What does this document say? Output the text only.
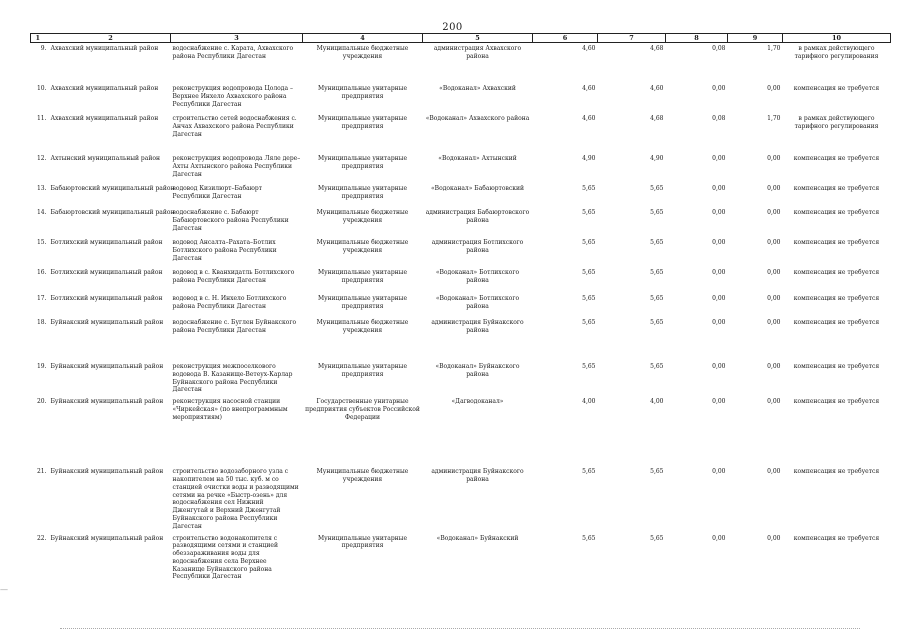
200
1 2	3	4	5	6	7	8	9	10
9. Ахвахский муниципальный район	водоснабжение с. Карата, Ахвахского района Республики Дагестан	Муниципальные бюджетные учреждения	администрация Ахвахского района	4,60	4,68	0,08	1,70	в рамках действующего тарифного регулирования
10. Ахвахский муниципальный район	реконструкция водопровода Цолода – Верхнее Инхело Ахвахского района Республики Дагестан	Муниципальные унитарные предприятия	«Водоканал» Ахвахский	4,60	4,60	0,00	0,00	компенсация не требуется
11. Ахвахский муниципальный район	строительство сетей водоснабжения с. Анчах Ахвахского района Республики Дагестан	Муниципальные унитарные предприятия	«Водоканал» Ахвахского района	4,60	4,68	0,08	1,70	в рамках действующего тарифного регулирования
12. Ахтынский муниципальный район	реконструкция водопровода Ляле дере–Ахты Ахтынского района Республики Дагестан	Муниципальные унитарные предприятия	«Водоканал» Ахтынский	4,90	4,90	0,00	0,00	компенсация не требуется
13. Бабаюртовский муниципальный район	водовод Кизилюрт–Бабаюрт Республики Дагестан	Муниципальные унитарные предприятия	«Водоканал» Бабаюртовский	5,65	5,65	0,00	0,00	компенсация не требуется
14. Бабаюртовский муниципальный район	водоснабжение с. Бабаюрт Бабаюртовского района Республики Дагестан	Муниципальные бюджетные учреждения	администрация Бабаюртовского района	5,65	5,65	0,00	0,00	компенсация не требуется
15. Ботлихский муниципальный район	водовод Ансалта–Рахата–Ботлих Ботлихского района Республики Дагестан	Муниципальные бюджетные учреждения	администрация Ботлихского района	5,65	5,65	0,00	0,00	компенсация не требуется
16. Ботлихский муниципальный район	водовод в с. Кванхидатль Ботлихского района Республики Дагестан	Муниципальные унитарные предприятия	«Водоканал» Ботлихского района	5,65	5,65	0,00	0,00	компенсация не требуется
17. Ботлихский муниципальный район	водовод в с. Н. Инхело Ботлихского района Республики Дагестан	Муниципальные унитарные предприятия	«Водоканал» Ботлихского района	5,65	5,65	0,00	0,00	компенсация не требуется
18. Буйнакский муниципальный район	водоснабжение с. Буглен Буйнакского района Республики Дагестан	Муниципальные бюджетные учреждения	администрация Буйнакского района	5,65	5,65	0,00	0,00	компенсация не требуется
19. Буйнакский муниципальный район	реконструкция межпоселкового водовода В. Казанище-Ветеух-Карлар Буйнакского района Республики Дагестан	Муниципальные унитарные предприятия	«Водоканал» Буйнакского района	5,65	5,65	0,00	0,00	компенсация не требуется
20. Буйнакский муниципальный район	реконструкция насосной станции «Чиркейская» (по внепрограммным мероприятиям)	Государственные унитарные предприятия субъектов Российской Федерации	«Дагводоканал»	4,00	4,00	0,00	0,00	компенсация не требуется
21. Буйнакский муниципальный район	строительство водозаборного узла с накопителем на 50 тыс. куб. м со станцией очистки воды и разводящими сетями на речке «Быстр-озень» для водоснабжения сел Нижний Дженгутай и Верхний Дженгутай Буйнакского района Республики Дагестан	Муниципальные бюджетные учреждения	администрация Буйнакского района	5,65	5,65	0,00	0,00	компенсация не требуется
22. Буйнакский муниципальный район	строительство водонакопителя с разводящими сетями и станцией обеззараживания воды для водоснабжения села Верхнее Казанище Буйнакского района Республики Дагестан	Муниципальные унитарные предприятия	«Водоканал» Буйнакский	5,65	5,65	0,00	0,00	компенсация не требуется
—
